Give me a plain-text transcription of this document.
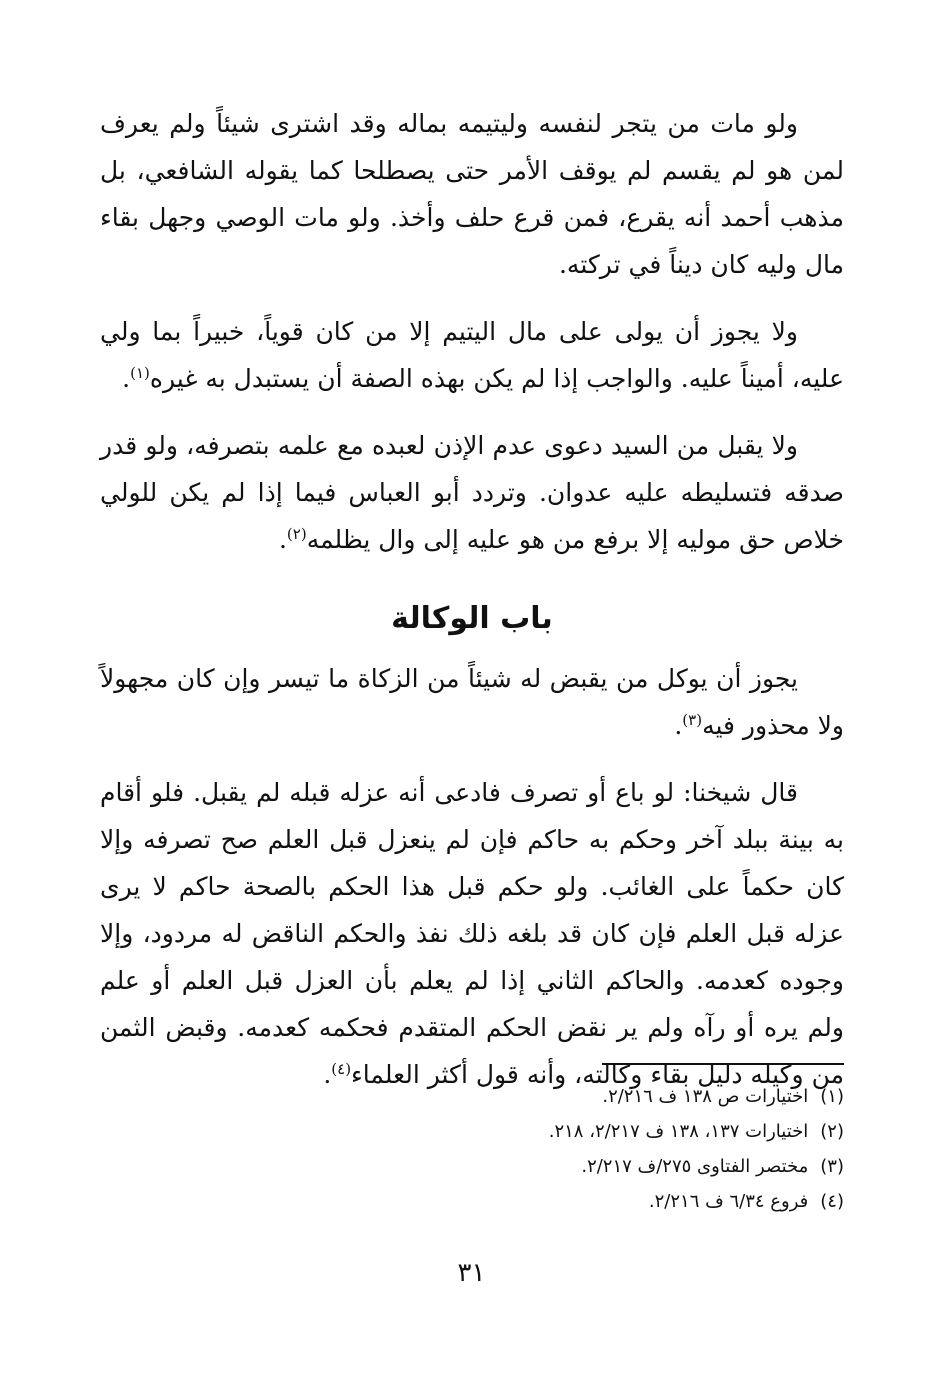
ولو مات من يتجر لنفسه وليتيمه بماله وقد اشترى شيئاً ولم يعرف لمن هو لم يقسم لم يوقف الأمر حتى يصطلحا كما يقوله الشافعي، بل مذهب أحمد أنه يقرع، فمن قرع حلف وأخذ. ولو مات الوصي وجهل بقاء مال وليه كان ديناً في تركته.

ولا يجوز أن يولى على مال اليتيم إلا من كان قوياً، خبيراً بما ولي عليه، أميناً عليه. والواجب إذا لم يكن بهذه الصفة أن يستبدل به غيره$^{(١)}$.

ولا يقبل من السيد دعوى عدم الإذن لعبده مع علمه بتصرفه، ولو قدر صدقه فتسليطه عليه عدوان. وتردد أبو العباس فيما إذا لم يكن للولي خلاص حق موليه إلا برفع من هو عليه إلى وال يظلمه$^{(٢)}$.

باب الوكالة

يجوز أن يوكل من يقبض له شيئاً من الزكاة ما تيسر وإن كان مجهولاً ولا محذور فيه$^{(٣)}$.

قال شيخنا: لو باع أو تصرف فادعى أنه عزله قبله لم يقبل. فلو أقام به بينة ببلد آخر وحكم به حاكم فإن لم ينعزل قبل العلم صح تصرفه وإلا كان حكماً على الغائب. ولو حكم قبل هذا الحكم بالصحة حاكم لا يرى عزله قبل العلم فإن كان قد بلغه ذلك نفذ والحكم الناقض له مردود، وإلا وجوده كعدمه. والحاكم الثاني إذا لم يعلم بأن العزل قبل العلم أو علم ولم يره أو رآه ولم ير نقض الحكم المتقدم فحكمه كعدمه. وقبض الثمن من وكيله دليل بقاء وكالته، وأنه قول أكثر العلماء$^{(٤)}$.

(١)
اختيارات ص ١٣٨ ف ٢/٢١٦.
(٢)
اختيارات ١٣٧، ١٣٨ ف ٢/٢١٧، ٢١٨.
(٣)
مختصر الفتاوى ٢٧٥/ف ٢/٢١٧.
(٤)
فروع ٦/٣٤ ف ٢/٢١٦.
٣١
